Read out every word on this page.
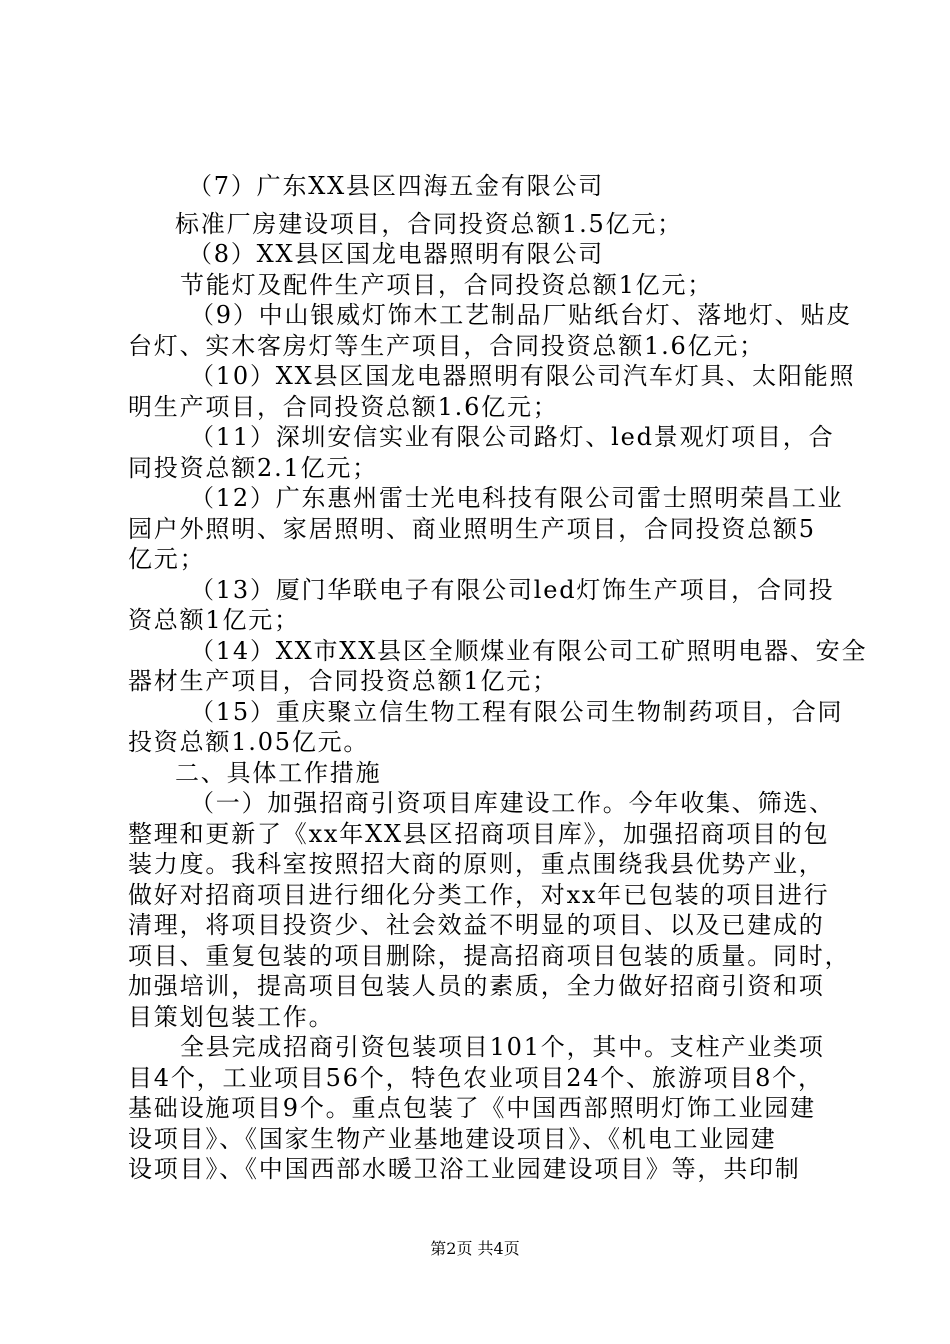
（7）广东XX县区四海五金有限公司
标准厂房建设项目，合同投资总额1.5亿元；
（8）XX县区国龙电器照明有限公司
节能灯及配件生产项目，合同投资总额1亿元；
（9）中山银威灯饰木工艺制品厂贴纸台灯、落地灯、贴皮
台灯、实木客房灯等生产项目，合同投资总额1.6亿元；
（10）XX县区国龙电器照明有限公司汽车灯具、太阳能照
明生产项目，合同投资总额1.6亿元；
（11）深圳安信实业有限公司路灯、led景观灯项目，合
同投资总额2.1亿元；
（12）广东惠州雷士光电科技有限公司雷士照明荣昌工业
园户外照明、家居照明、商业照明生产项目，合同投资总额5
亿元；
（13）厦门华联电子有限公司led灯饰生产项目，合同投
资总额1亿元；
（14）XX市XX县区全顺煤业有限公司工矿照明电器、安全
器材生产项目，合同投资总额1亿元；
（15）重庆聚立信生物工程有限公司生物制药项目，合同
投资总额1.05亿元。
二、具体工作措施
（一）加强招商引资项目库建设工作。今年收集、筛选、
整理和更新了《xx年XX县区招商项目库》，加强招商项目的包
装力度。我科室按照招大商的原则，重点围绕我县优势产业，
做好对招商项目进行细化分类工作，对xx年已包装的项目进行
清理，将项目投资少、社会效益不明显的项目、以及已建成的
项目、重复包装的项目删除，提高招商项目包装的质量。同时，
加强培训，提高项目包装人员的素质，全力做好招商引资和项
目策划包装工作。
全县完成招商引资包装项目101个，其中。支柱产业类项
目4个，工业项目56个，特色农业项目24个、旅游项目8个，
基础设施项目9个。重点包装了《中国西部照明灯饰工业园建
设项目》、《国家生物产业基地建设项目》、《机电工业园建
设项目》、《中国西部水暖卫浴工业园建设项目》等，共印制
第2页 共4页
